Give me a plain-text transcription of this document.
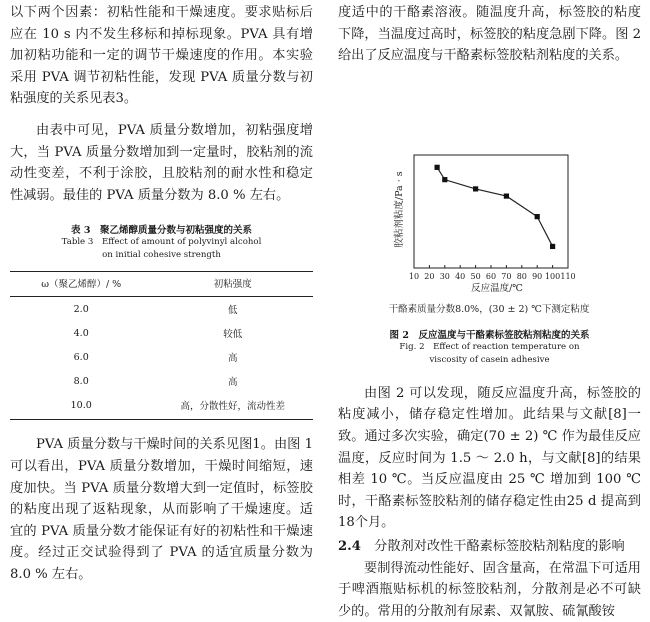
以下两个因素：初粘性能和干燥速度。要求贴标后应在 10 s 内不发生移标和掉标现象。PVA 具有增加初粘功能和一定的调节干燥速度的作用。本实验采用 PVA 调节初粘性能，发现 PVA 质量分数与初粘强度的关系见表3。

由表中可见，PVA 质量分数增加，初粘强度增大，当 PVA 质量分数增加到一定量时，胶粘剂的流动性变差，不利于涂胶，且胶粘剂的耐水性和稳定性减弱。最佳的 PVA 质量分数为 8.0 % 左右。

表 3　聚乙烯醇质量分数与初粘强度的关系

Table 3　Effect of amount of polyvinyl alcohol

on initial cohesive strength

ω（聚乙烯醇）/ %	初粘强度
2.0	低
4.0	较低
6.0	高
8.0	高
10.0	高，分散性好，流动性差

PVA 质量分数与干燥时间的关系见图1。由图 1 可以看出，PVA 质量分数增加，干燥时间缩短，速度加快。当 PVA 质量分数增大到一定值时，标签胶的粘度出现了返粘现象，从而影响了干燥速度。适宜的 PVA 质量分数才能保证有好的初粘性和干燥速度。经过正交试验得到了 PVA 的适宜质量分数为 8.0 % 左右。

度适中的干酪素溶液。随温度升高，标签胶的粘度下降，当温度过高时，标签胶的粘度急剧下降。图 2 给出了反应温度与干酪素标签胶粘剂粘度的关系。

10 20 30 40 50 60 70 80 90 100 110
反应温度/℃
胶粘剂粘度/Pa · s
干酪素质量分数8.0%，(30 ± 2) ℃下测定粘度

图 2　反应温度与干酪素标签胶粘剂粘度的关系

Fig. 2　Effect of reaction temperature on

viscosity of casein adhesive

由图 2 可以发现，随反应温度升高，标签胶的粘度减小，储存稳定性增加。此结果与文献[8]一致。通过多次实验，确定(70 ± 2) ℃ 作为最佳反应温度，反应时间为 1.5 ～ 2.0 h，与文献[8]的结果相差 10 ℃。当反应温度由 25 ℃ 增加到 100 ℃ 时，干酪素标签胶粘剂的储存稳定性由25 d 提高到18个月。

2.4　 分散剂对改性干酪素标签胶粘剂粘度的影响

要制得流动性能好、固含量高，在常温下可适用于啤酒瓶贴标机的标签胶粘剂，分散剂是必不可缺少的。常用的分散剂有尿素、双氰胺、硫氰酸铵
